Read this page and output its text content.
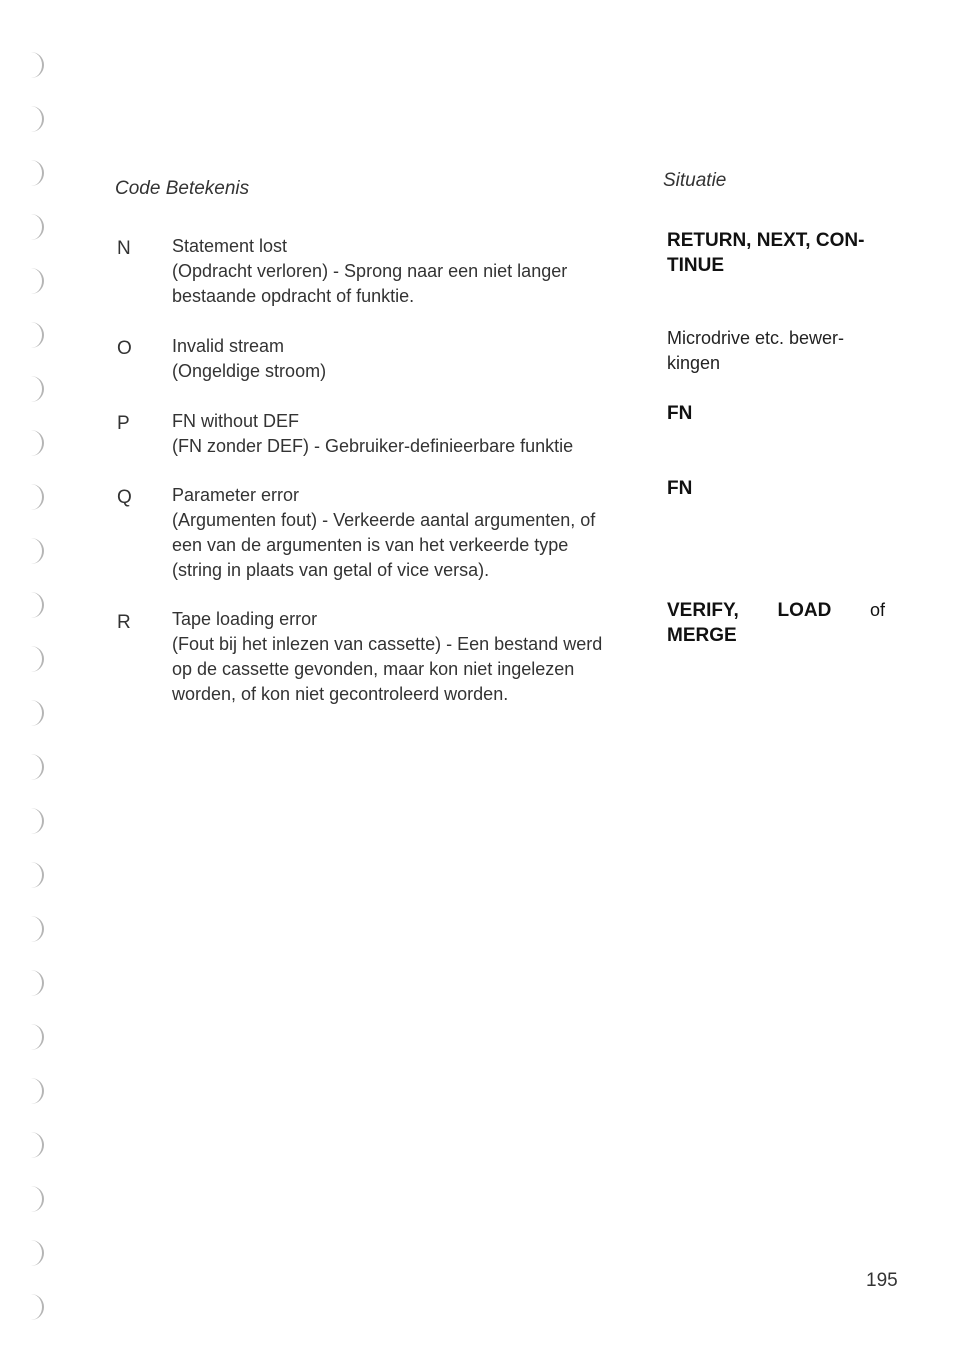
Code Betekenis	Situatie
N Statement lost
(Opdracht verloren) - Sprong naar een niet langer
bestaande opdracht of funktie.
RETURN, NEXT, CON-
TINUE
O Invalid stream
(Ongeldige stroom)
Microdrive etc. bewer-
kingen
P FN without DEF
(FN zonder DEF) - Gebruiker-definieerbare funktie
FN
Q Parameter error
(Argumenten fout) - Verkeerde aantal argumenten, of
een van de argumenten is van het verkeerde type
(string in plaats van getal of vice versa).
FN
R Tape loading error
(Fout bij het inlezen van cassette) - Een bestand werd
op de cassette gevonden, maar kon niet ingelezen
worden, of kon niet gecontroleerd worden.
VERIFY, LOAD of
MERGE
195
